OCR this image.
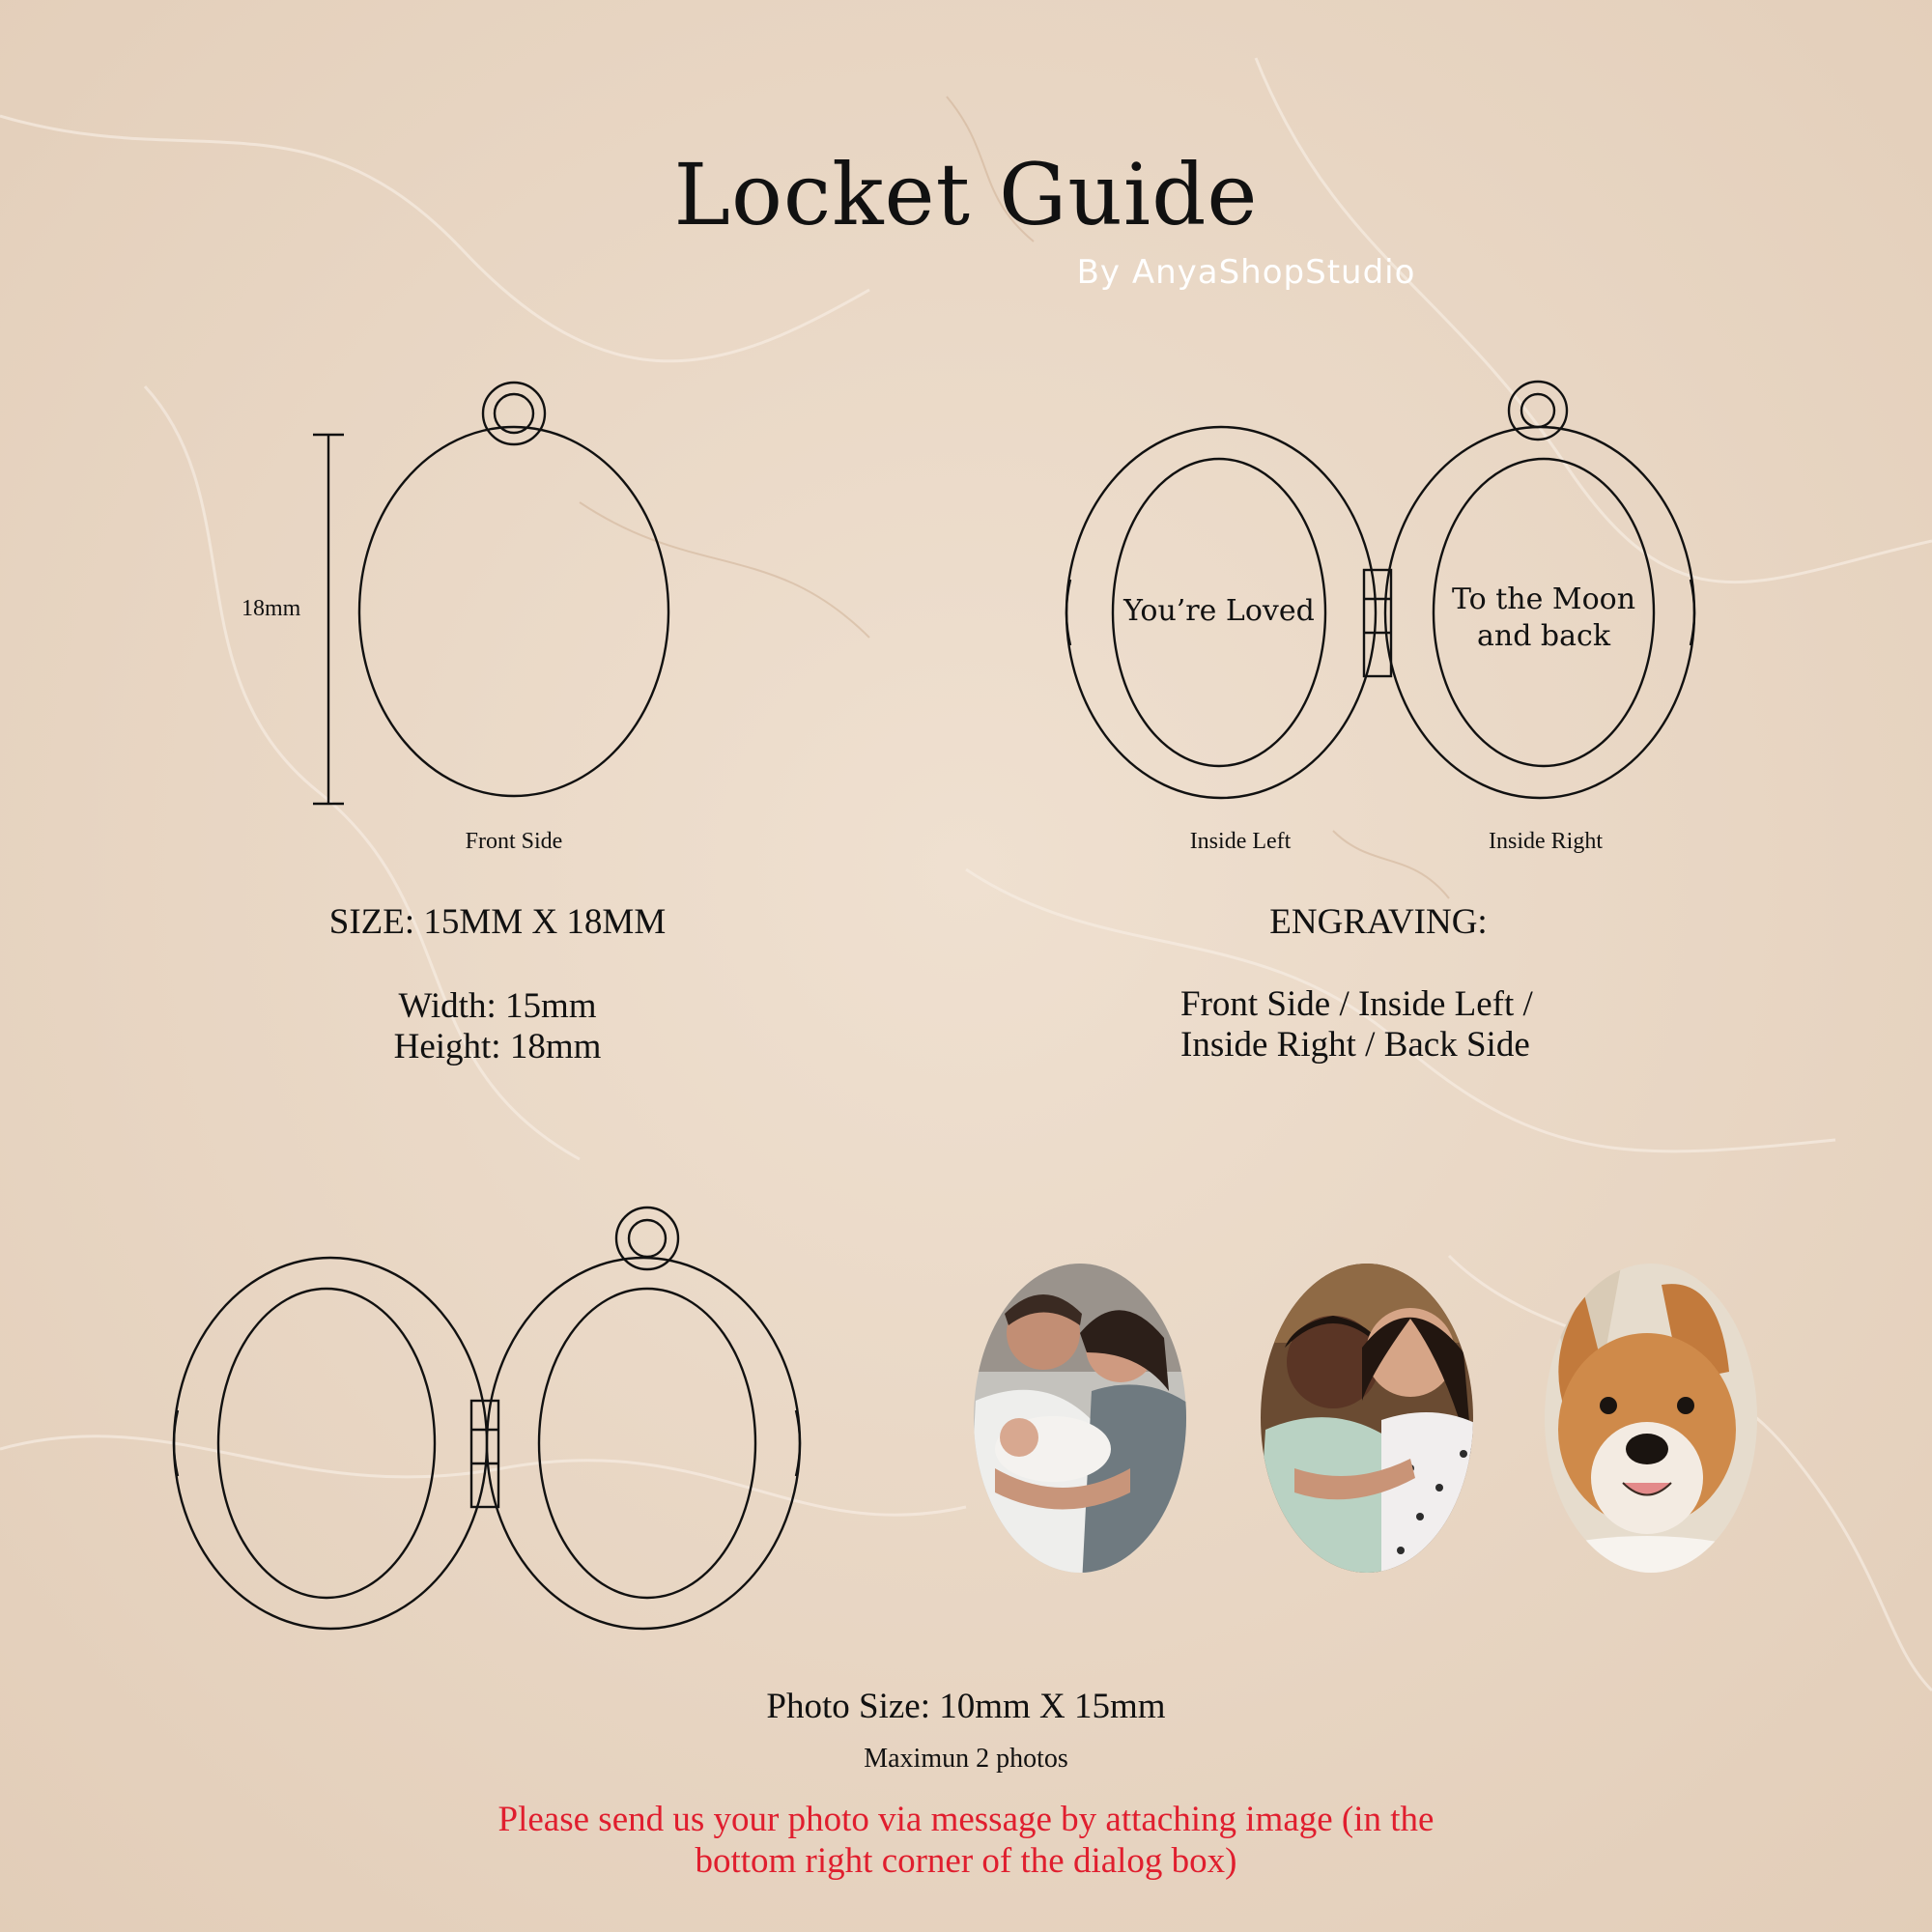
Locket Guide
By AnyaShopStudio
18mm
Front Side
You’re Loved	To the Moon
and back
Inside Left	Inside Right
SIZE: 15MM X 18MM
Width: 15mm
Height: 18mm
ENGRAVING:
Front Side / Inside Left /
Inside Right / Back Side
Photo Size: 10mm X 15mm
Maximun 2 photos
Please send us your photo via message by attaching image (in the bottom right corner of the dialog box)
